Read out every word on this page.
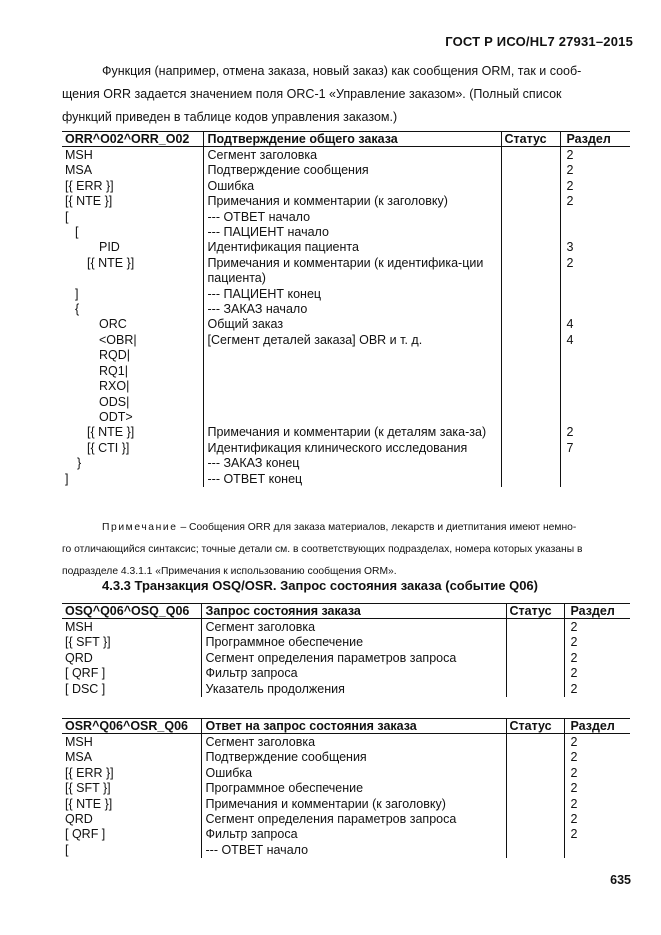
ГОСТ Р ИСО/HL7 27931–2015

Функция (например, отмена заказа, новый заказ) как сообщения ORM, так и сооб-

щения ORR задается значением поля ORC-1 «Управление заказом». (Полный список

функций приведен в таблице кодов управления заказом.)

ORR^O02^ORR_O02	Подтверждение общего заказа	Статус	Раздел
MSH	Сегмент заголовка		2
MSA	Подтверждение сообщения		2
[{ ERR }]	Ошибка		2
[{ NTE }]	Примечания и комментарии (к заголовку)		2
[	--- ОТВЕТ начало		
[	--- ПАЦИЕНТ начало		
PID	Идентификация пациента		3
[{ NTE }]	Примечания и комментарии (к идентифика-ции пациента)		2
]	--- ПАЦИЕНТ конец		
{	--- ЗАКАЗ начало		
ORC	Общий заказ		4
<OBR|	[Сегмент деталей заказа] OBR и т. д.		4
RQD|			
RQ1|			
RXO|			
ODS|			
ODT>			
[{ NTE }]	Примечания и комментарии (к деталям зака-за)		2
[{ CTI }]	Идентификация клинического исследования		7
}	--- ЗАКАЗ конец		
]	--- ОТВЕТ конец		
Примечание – Сообщения ORR для заказа материалов, лекарств и диетпитания имеют немно-
го отличающийся синтаксис; точные детали см. в соответствующих подразделах, номера которых указаны в
подразделе 4.3.1.1 «Примечания к использованию сообщения ORM».
4.3.3 Транзакция OSQ/OSR. Запрос состояния заказа (событие Q06)
OSQ^Q06^OSQ_Q06	Запрос состояния заказа	Статус	Раздел
MSH	Сегмент заголовка		2
[{ SFT }]	Программное обеспечение		2
QRD	Сегмент определения параметров запроса		2
[ QRF ]	Фильтр запроса		2
[ DSC ]	Указатель продолжения		2
OSR^Q06^OSR_Q06	Ответ на запрос состояния заказа	Статус	Раздел
MSH	Сегмент заголовка		2
MSA	Подтверждение сообщения		2
[{ ERR }]	Ошибка		2
[{ SFT }]	Программное обеспечение		2
[{ NTE }]	Примечания и комментарии (к заголовку)		2
QRD	Сегмент определения параметров запроса		2
[ QRF ]	Фильтр запроса		2
[	--- ОТВЕТ начало		
635
